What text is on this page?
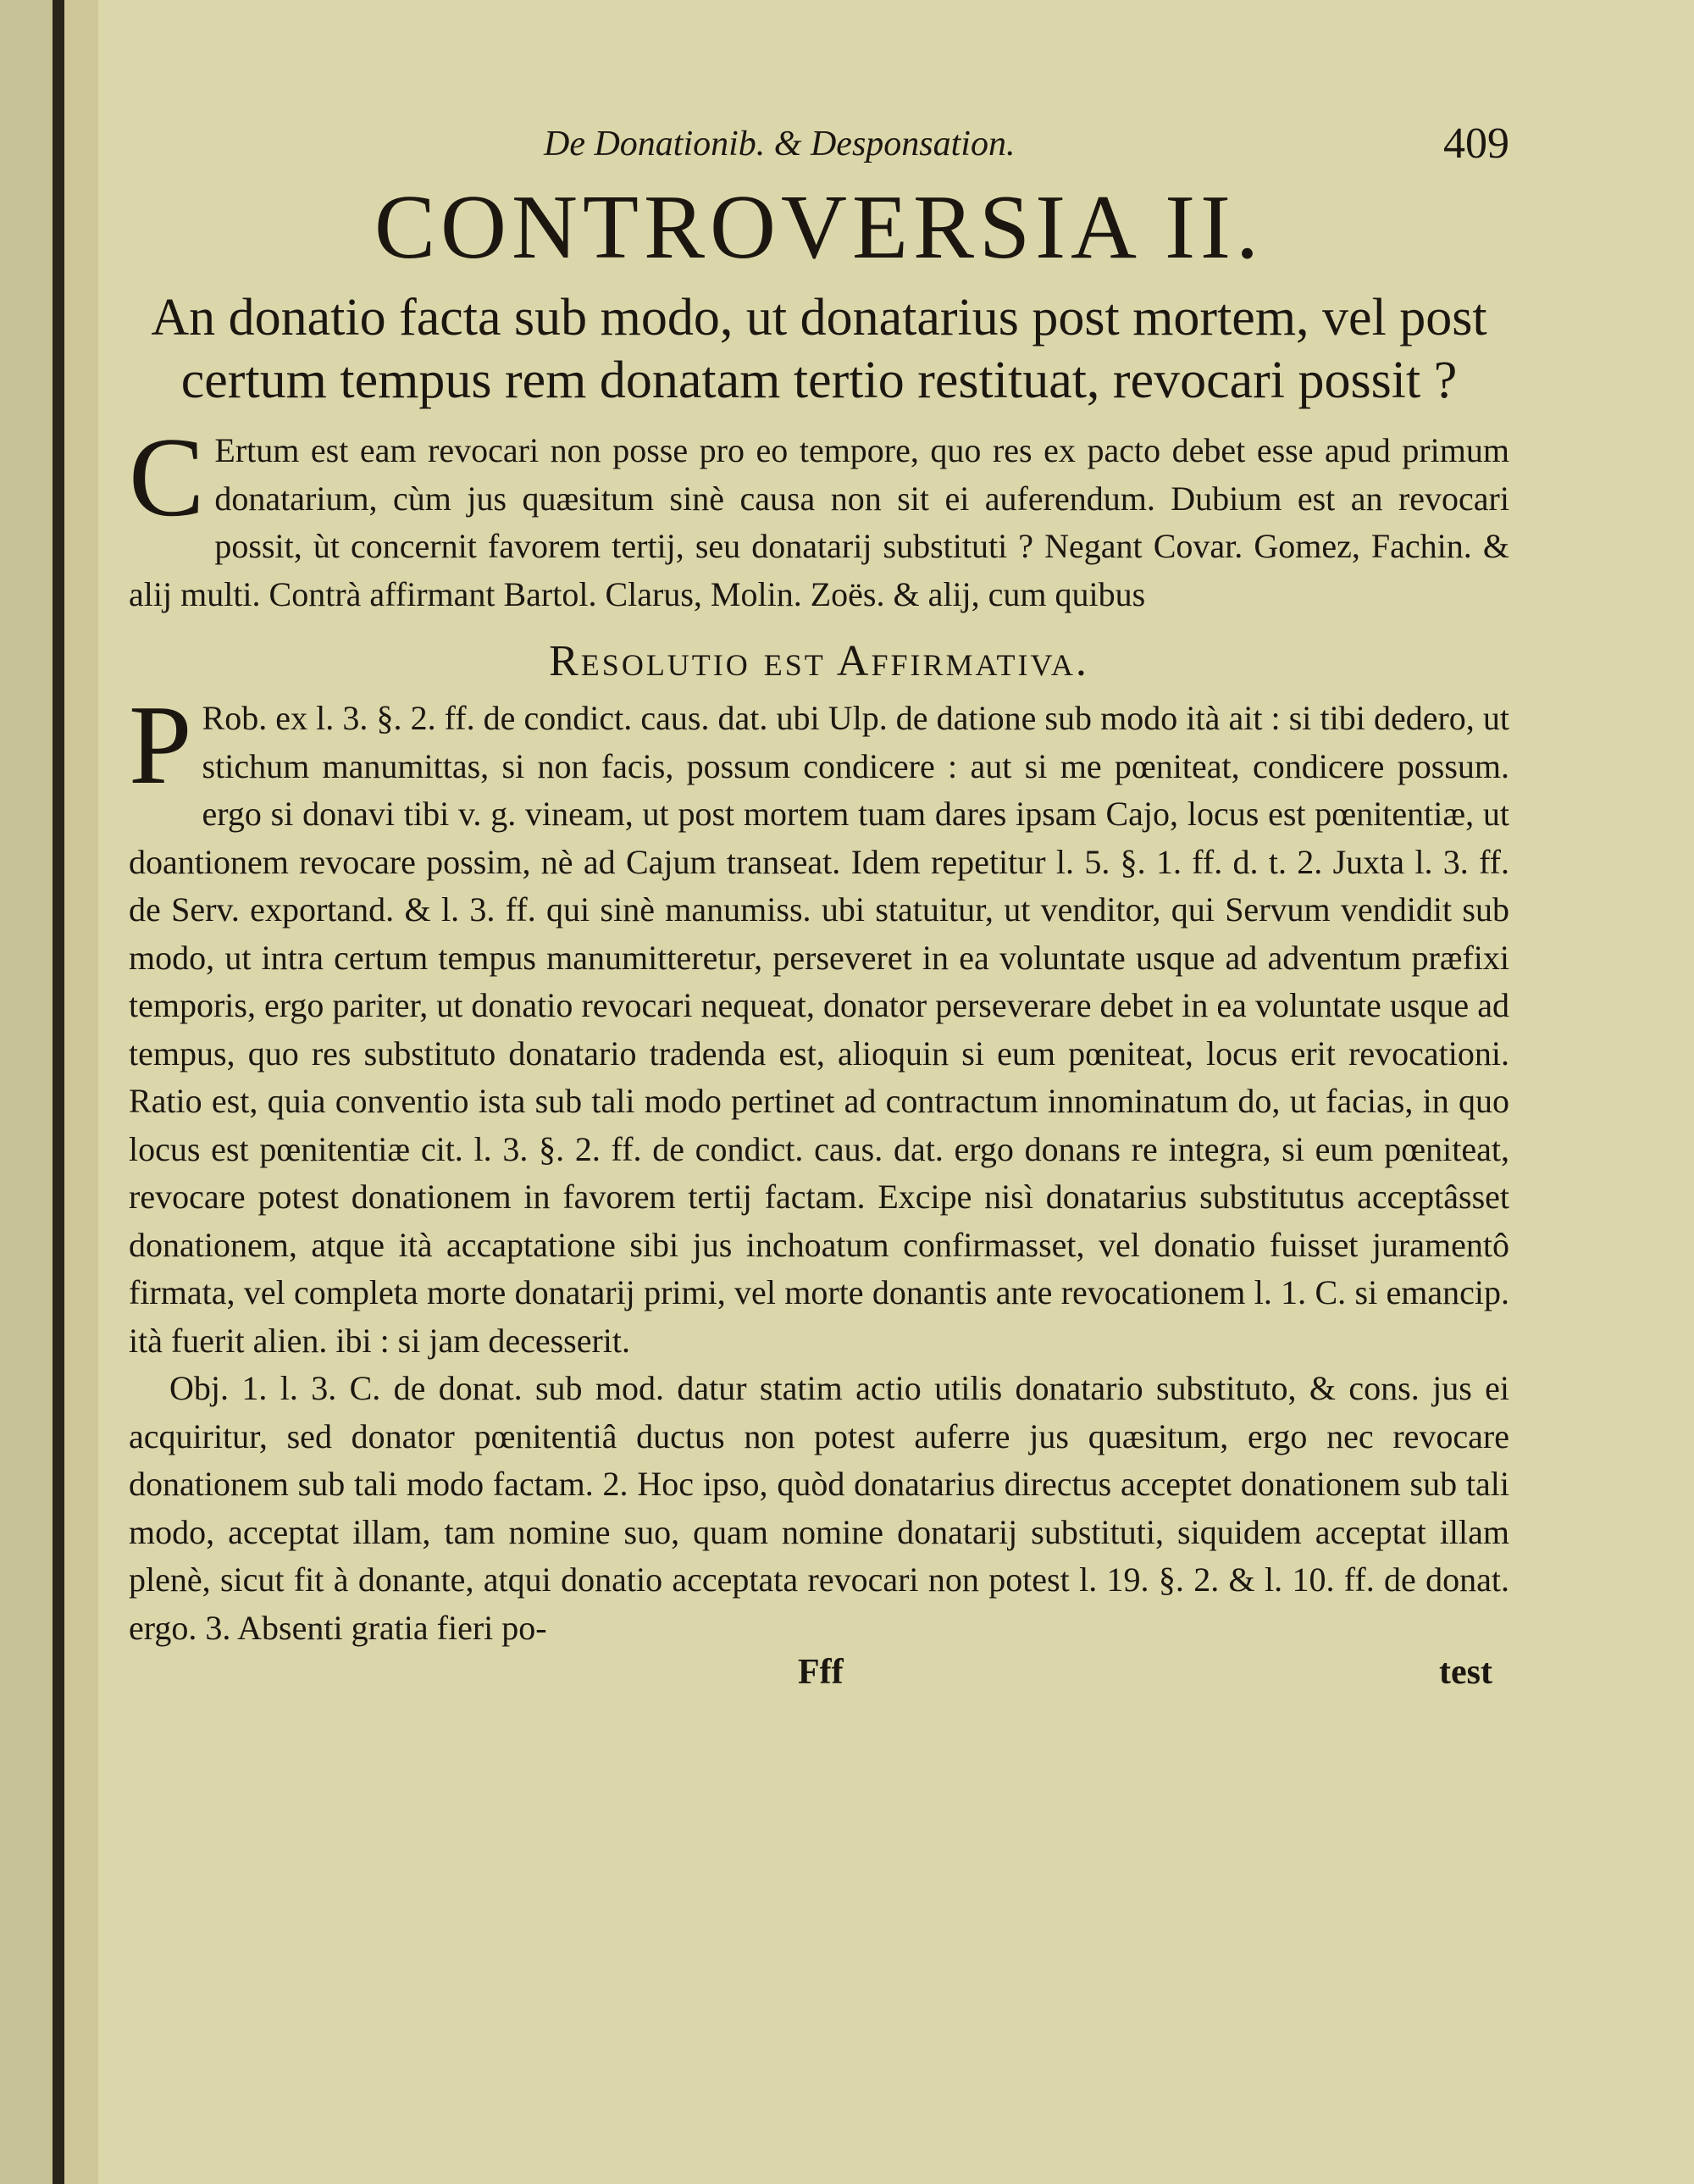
De Donationib. & Desponsation.	409
CONTROVERSIA II.
An donatio facta sub modo, ut donatarius post mortem, vel post certum tempus rem donatam tertio restituat, revocari possit ?

C Ertum est eam revocari non posse pro eo tempore, quo res ex pacto debet esse apud primum donatarium, cùm jus quæsitum sinè causa non sit ei auferendum. Dubium est an revocari possit, ùt concernit favorem tertij, seu donatarij substituti ? Negant Covar. Gomez, Fachin. & alij multi. Contrà affirmant Bartol. Clarus, Molin. Zoës. & alij, cum quibus

Resolutio est Affirmativa.

P Rob. ex l. 3. §. 2. ff. de condict. caus. dat. ubi Ulp. de datione sub modo ità ait : si tibi dedero, ut stichum manumittas, si non facis, possum condicere : aut si me pœniteat, condicere possum. ergo si donavi tibi v. g. vineam, ut post mortem tuam dares ipsam Cajo, locus est pœnitentiæ, ut doantionem revocare possim, nè ad Cajum transeat. Idem repetitur l. 5. §. 1. ff. d. t. 2. Juxta l. 3. ff. de Serv. exportand. & l. 3. ff. qui sinè manumiss. ubi statuitur, ut venditor, qui Servum vendidit sub modo, ut intra certum tempus manumitteretur, perseveret in ea voluntate usque ad adventum præfixi temporis, ergo pariter, ut donatio revocari nequeat, donator perseverare debet in ea voluntate usque ad tempus, quo res substituto donatario tradenda est, alioquin si eum pœniteat, locus erit revocationi. Ratio est, quia conventio ista sub tali modo pertinet ad contractum innominatum do, ut facias, in quo locus est pœnitentiæ cit. l. 3. §. 2. ff. de condict. caus. dat. ergo donans re integra, si eum pœniteat, revocare potest donationem in favorem tertij factam. Excipe nisì donatarius substitutus acceptâsset donationem, atque ità accaptatione sibi jus inchoatum confirmasset, vel donatio fuisset juramentô firmata, vel completa morte donatarij primi, vel morte donantis ante revocationem l. 1. C. si emancip. ità fuerit alien. ibi : si jam decesserit.

Obj. 1. l. 3. C. de donat. sub mod. datur statim actio utilis donatario substituto, & cons. jus ei acquiritur, sed donator pœnitentiâ ductus non potest auferre jus quæsitum, ergo nec revocare donationem sub tali modo factam. 2. Hoc ipso, quòd donatarius directus acceptet donationem sub tali modo, acceptat illam, tam nomine suo, quam nomine donatarij substituti, siquidem acceptat illam plenè, sicut fit à donante, atqui donatio acceptata revocari non potest l. 19. §. 2. & l. 10. ff. de donat. ergo. 3. Absenti gratia fieri po-

Fff	test
